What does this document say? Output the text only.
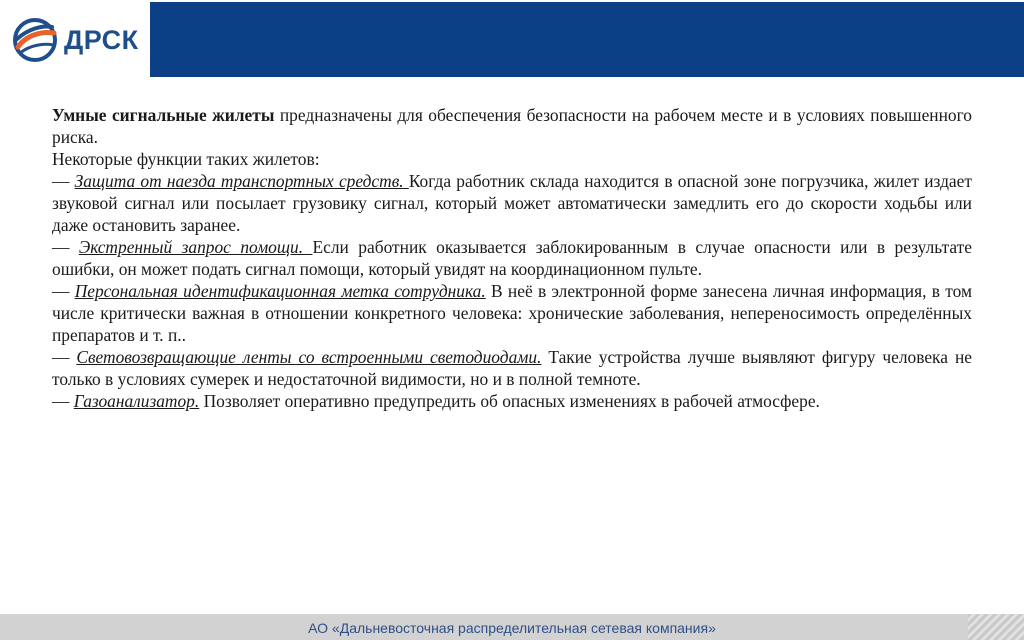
ДРСК

Умные сигнальные жилеты предназначены для обеспечения безопасности на рабочем месте и в условиях повышенного риска.

Некоторые функции таких жилетов:

— Защита от наезда транспортных средств. Когда работник склада находится в опасной зоне погрузчика, жилет издает звуковой сигнал или посылает грузовику сигнал, который может автоматически замедлить его до скорости ходьбы или даже остановить заранее.

— Экстренный запрос помощи. Если работник оказывается заблокированным в случае опасности или в результате ошибки, он может подать сигнал помощи, который увидят на координационном пульте.

— Персональная идентификационная метка сотрудника. В неё в электронной форме занесена личная информация, в том числе критически важная в отношении конкретного человека: хронические заболевания, непереносимость определённых препаратов и т. п..

— Световозвращающие ленты со встроенными светодиодами. Такие устройства лучше выявляют фигуру человека не только в условиях сумерек и недостаточной видимости, но и в полной темноте.

— Газоанализатор. Позволяет оперативно предупредить об опасных изменениях в рабочей атмосфере.

АО «Дальневосточная распределительная сетевая компания»
